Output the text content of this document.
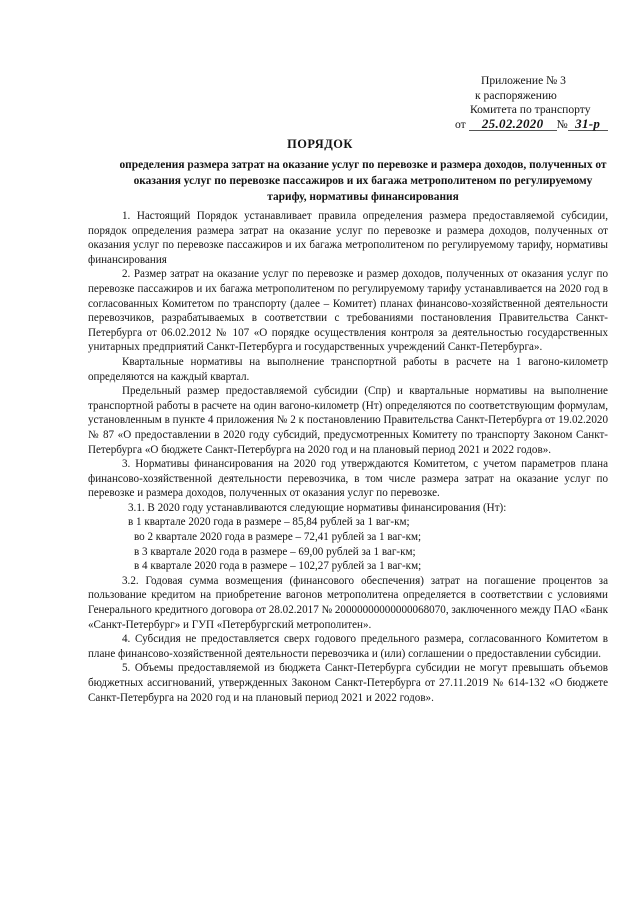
Приложение № 3
к распоряжению
Комитета по транспорту
от 25.02.2020 № 31-р
ПОРЯДОК
определения размера затрат на оказание услуг по перевозке и размера доходов, полученных от оказания услуг по перевозке пассажиров и их багажа метрополитеном по регулируемому тарифу, нормативы финансирования

1. Настоящий Порядок устанавливает правила определения размера предоставляемой субсидии, порядок определения размера затрат на оказание услуг по перевозке и размера доходов, полученных от оказания услуг по перевозке пассажиров и их багажа метрополитеном по регулируемому тарифу, нормативы финансирования

2. Размер затрат на оказание услуг по перевозке и размер доходов, полученных от оказания услуг по перевозке пассажиров и их багажа метрополитеном по регулируемому тарифу устанавливается на 2020 год в согласованных Комитетом по транспорту (далее – Комитет) планах финансово-хозяйственной деятельности перевозчиков, разрабатываемых в соответствии с требованиями постановления Правительства Санкт-Петербурга от 06.02.2012 № 107 «О порядке осуществления контроля за деятельностью государственных унитарных предприятий Санкт-Петербурга и государственных учреждений Санкт-Петербурга».

Квартальные нормативы на выполнение транспортной работы в расчете на 1 вагоно-километр определяются на каждый квартал.

Предельный размер предоставляемой субсидии (Спр) и квартальные нормативы на выполнение транспортной работы в расчете на один вагоно-километр (Нт) определяются по соответствующим формулам, установленным в пункте 4 приложения № 2 к постановлению Правительства Санкт-Петербурга от 19.02.2020 № 87 «О предоставлении в 2020 году субсидий, предусмотренных Комитету по транспорту Законом Санкт-Петербурга «О бюджете Санкт-Петербурга на 2020 год и на плановый период 2021 и 2022 годов».

3. Нормативы финансирования на 2020 год утверждаются Комитетом, с учетом параметров плана финансово-хозяйственной деятельности перевозчика, в том числе размера затрат на оказание услуг по перевозке и размера доходов, полученных от оказания услуг по перевозке.

3.1. В 2020 году устанавливаются следующие нормативы финансирования (Нт):

в 1 квартале 2020 года в размере – 85,84 рублей за 1 ваг-км;

во 2 квартале 2020 года в размере – 72,41 рублей за 1 ваг-км;

в 3 квартале 2020 года в размере – 69,00 рублей за 1 ваг-км;

в 4 квартале 2020 года в размере – 102,27 рублей за 1 ваг-км;

3.2. Годовая сумма возмещения (финансового обеспечения) затрат на погашение процентов за пользование кредитом на приобретение вагонов метрополитена определяется в соответствии с условиями Генерального кредитного договора от 28.02.2017 № 20000000000000068070, заключенного между ПАО «Банк «Санкт-Петербург» и ГУП «Петербургский метрополитен».

4. Субсидия не предоставляется сверх годового предельного размера, согласованного Комитетом в плане финансово-хозяйственной деятельности перевозчика и (или) соглашении о предоставлении субсидии.

5. Объемы предоставляемой из бюджета Санкт-Петербурга субсидии не могут превышать объемов бюджетных ассигнований, утвержденных Законом Санкт-Петербурга от 27.11.2019 № 614-132 «О бюджете Санкт-Петербурга на 2020 год и на плановый период 2021 и 2022 годов».
